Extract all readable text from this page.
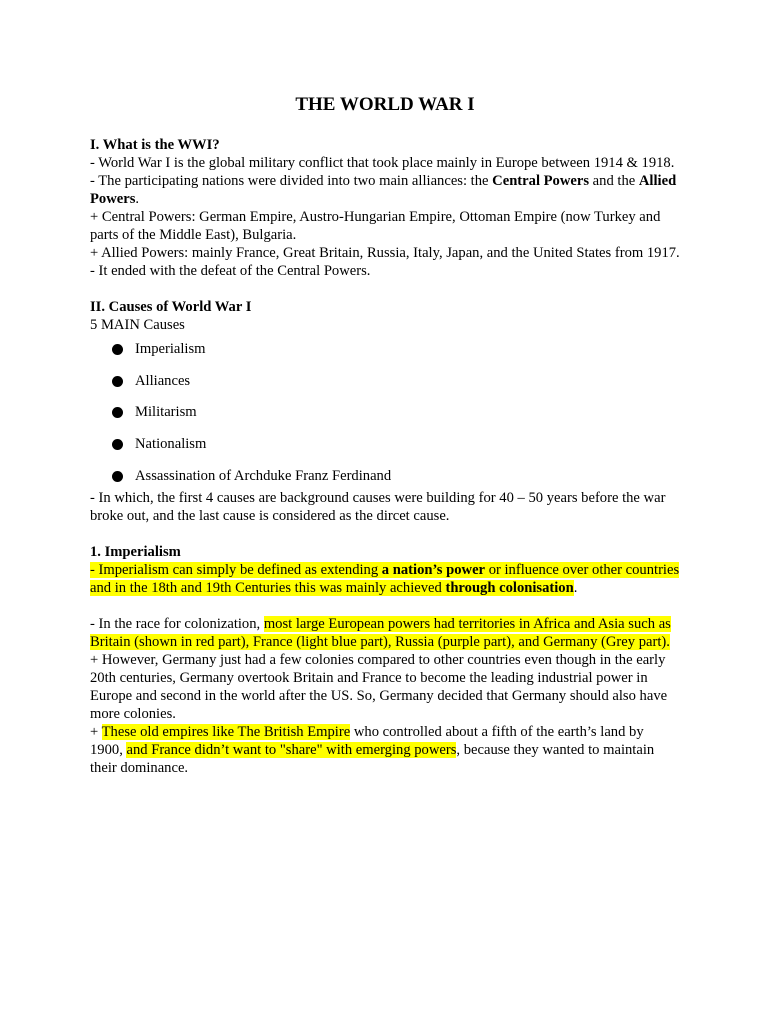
THE WORLD WAR I

I. What is the WWI?

- World War I is the global military conflict that took place mainly in Europe between 1914 & 1918.

- The participating nations were divided into two main alliances: the Central Powers and the Allied Powers.

+ Central Powers: German Empire, Austro-Hungarian Empire, Ottoman Empire (now Turkey and parts of the Middle East), Bulgaria.

+ Allied Powers: mainly France, Great Britain, Russia, Italy, Japan, and the United States from 1917.

- It ended with the defeat of the Central Powers.

II. Causes of World War I

5 MAIN Causes

Imperialism
Alliances
Militarism
Nationalism
Assassination of Archduke Franz Ferdinand

- In which, the first 4 causes are background causes were building for 40 – 50 years before the war broke out, and the last cause is considered as the dircet cause.

1. Imperialism

- Imperialism can simply be defined as extending a nation’s power or influence over other countries and in the 18th and 19th Centuries this was mainly achieved through colonisation.

- In the race for colonization, most large European powers had territories in Africa and Asia such as Britain (shown in red part), France (light blue part), Russia (purple part), and Germany (Grey part).

+ However, Germany just had a few colonies compared to other countries even though in the early 20th centuries, Germany overtook Britain and France to become the leading industrial power in Europe and second in the world after the US. So, Germany decided that Germany should also have more colonies.

+ These old empires like The British Empire who controlled about a fifth of the earth’s land by 1900, and France didn’t want to "share" with emerging powers, because they wanted to maintain their dominance.
